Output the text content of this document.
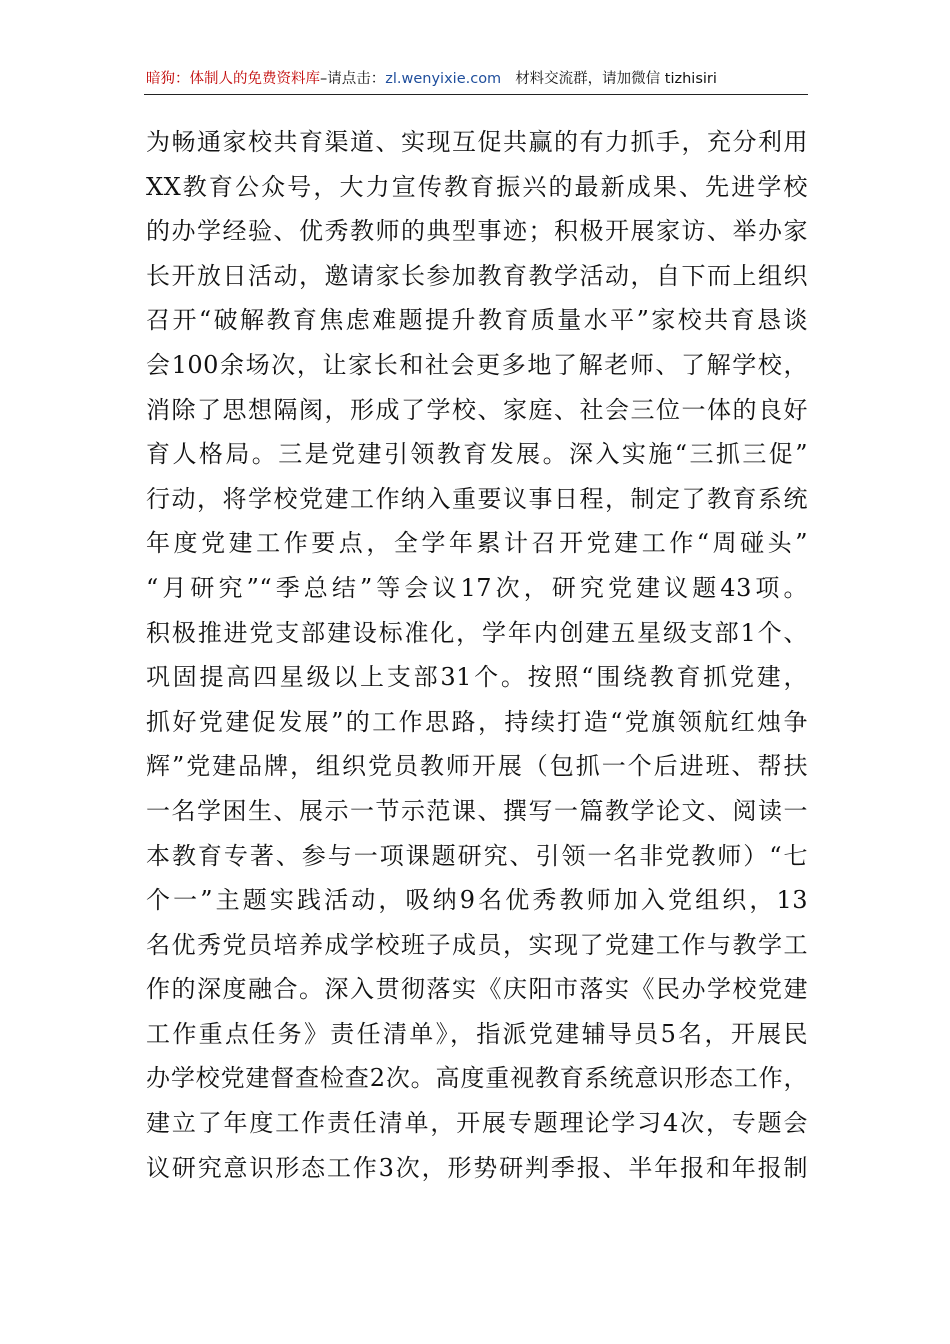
暗狗：体制人的免费资料库–请点击：zl.wenyixie.com 材料交流群，请加微信 tizhisiri
为畅通家校共育渠道、实现互促共赢的有力抓手，充分利用
XX教育公众号，大力宣传教育振兴的最新成果、先进学校
的办学经验、优秀教师的典型事迹；积极开展家访、举办家
长开放日活动，邀请家长参加教育教学活动，自下而上组织
召开“破解教育焦虑难题提升教育质量水平”家校共育恳谈
会100余场次，让家长和社会更多地了解老师、了解学校，
消除了思想隔阂，形成了学校、家庭、社会三位一体的良好
育人格局。三是党建引领教育发展。深入实施“三抓三促”
行动，将学校党建工作纳入重要议事日程，制定了教育系统
年度党建工作要点，全学年累计召开党建工作“周碰头”
“月研究”“季总结”等会议17次，研究党建议题43项。
积极推进党支部建设标准化，学年内创建五星级支部1个、
巩固提高四星级以上支部31个。按照“围绕教育抓党建，
抓好党建促发展”的工作思路，持续打造“党旗领航红烛争
辉”党建品牌，组织党员教师开展（包抓一个后进班、帮扶
一名学困生、展示一节示范课、撰写一篇教学论文、阅读一
本教育专著、参与一项课题研究、引领一名非党教师）“七
个一”主题实践活动，吸纳9名优秀教师加入党组织，13
名优秀党员培养成学校班子成员，实现了党建工作与教学工
作的深度融合。深入贯彻落实《庆阳市落实《民办学校党建
工作重点任务》责任清单》，指派党建辅导员5名，开展民
办学校党建督查检查2次。高度重视教育系统意识形态工作，
建立了年度工作责任清单，开展专题理论学习4次，专题会
议研究意识形态工作3次，形势研判季报、半年报和年报制
